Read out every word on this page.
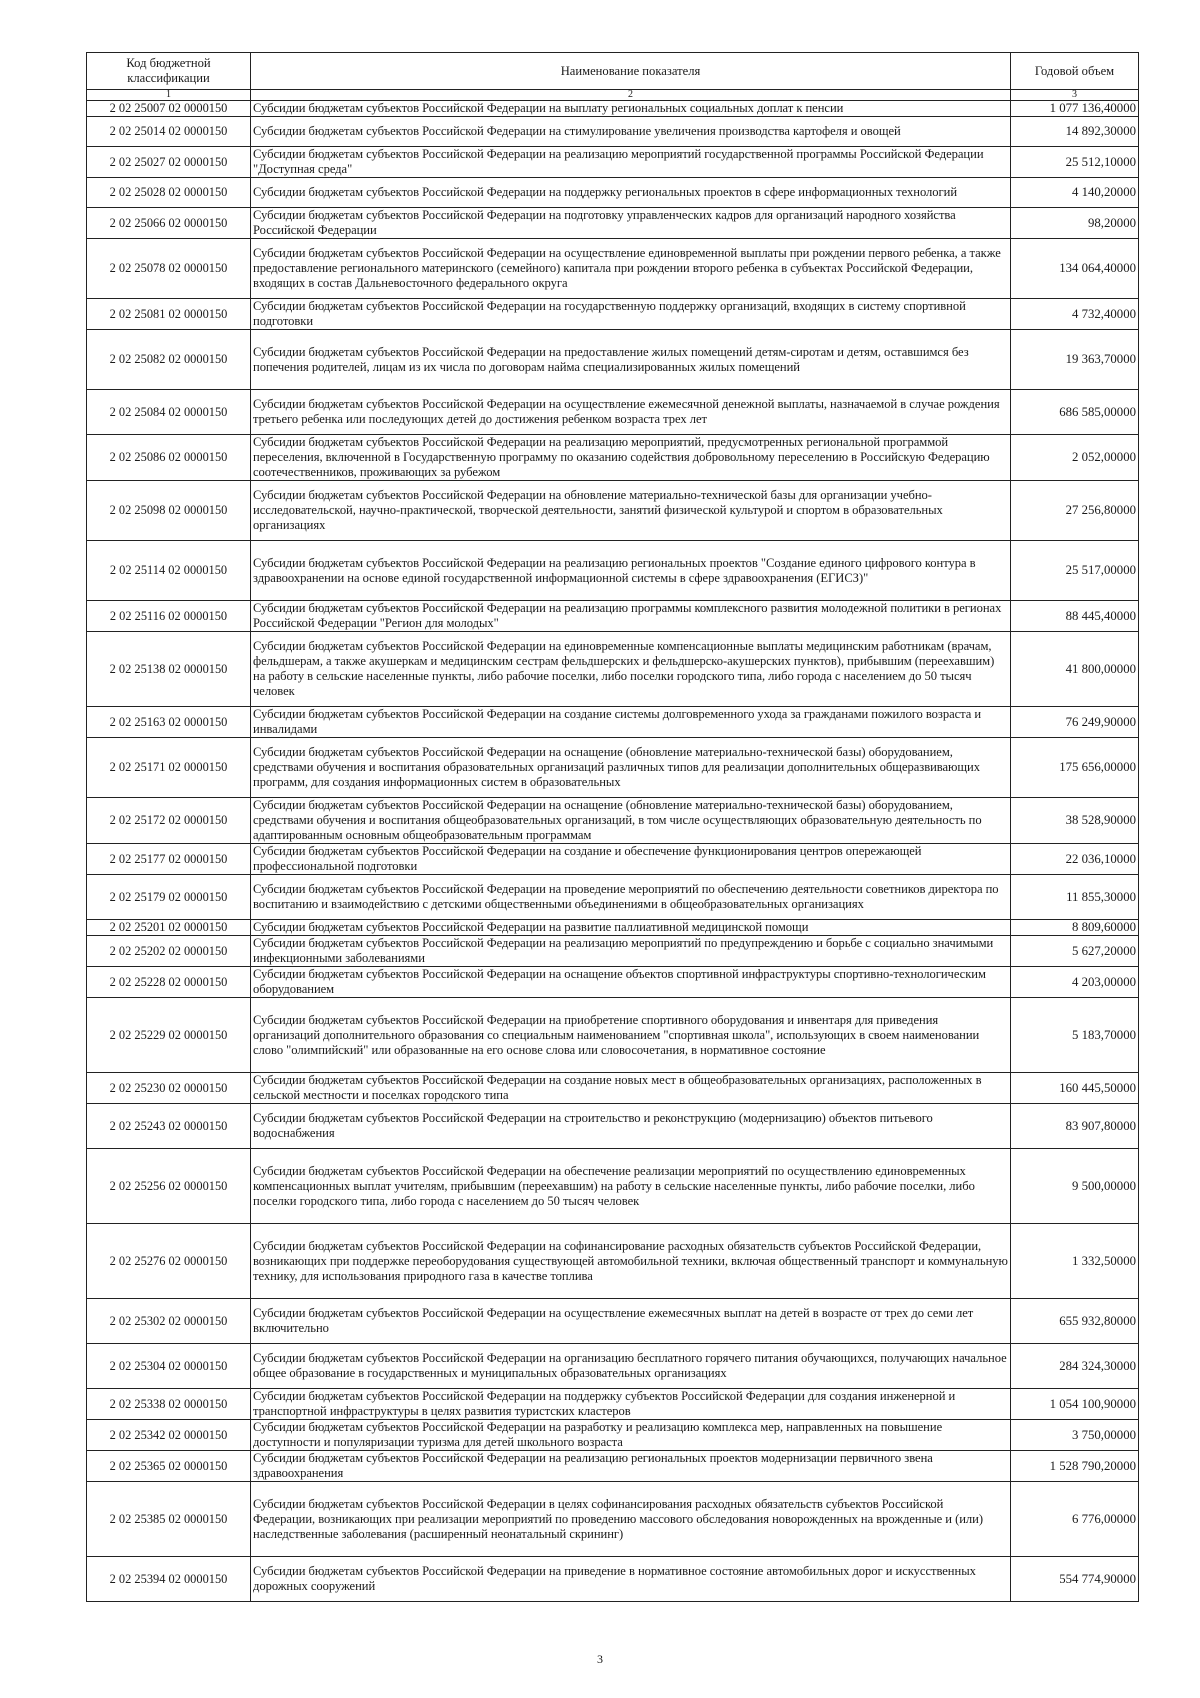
Код бюджетной классификации	Наименование показателя	Годовой объем
1	2	3
2 02 25007 02 0000150	Субсидии бюджетам субъектов Российской Федерации на выплату региональных социальных доплат к пенсии	1 077 136,40000
2 02 25014 02 0000150	Субсидии бюджетам субъектов Российской Федерации на стимулирование увеличения производства картофеля и овощей	14 892,30000
2 02 25027 02 0000150	Субсидии бюджетам субъектов Российской Федерации на реализацию мероприятий государственной программы Российской Федерации "Доступная среда"	25 512,10000
2 02 25028 02 0000150	Субсидии бюджетам субъектов Российской Федерации на поддержку региональных проектов в сфере информационных технологий	4 140,20000
2 02 25066 02 0000150	Субсидии бюджетам субъектов Российской Федерации на подготовку управленческих кадров для организаций народного хозяйства Российской Федерации	98,20000
2 02 25078 02 0000150	Субсидии бюджетам субъектов Российской Федерации на осуществление единовременной выплаты при рождении первого ребенка, а также предоставление регионального материнского (семейного) капитала при рождении второго ребенка в субъектах Российской Федерации, входящих в состав Дальневосточного федерального округа	134 064,40000
2 02 25081 02 0000150	Субсидии бюджетам субъектов Российской Федерации на государственную поддержку организаций, входящих в систему спортивной подготовки	4 732,40000
2 02 25082 02 0000150	Субсидии бюджетам субъектов Российской Федерации на предоставление жилых помещений детям-сиротам и детям, оставшимся без попечения родителей, лицам из их числа по договорам найма специализированных жилых помещений	19 363,70000
2 02 25084 02 0000150	Субсидии бюджетам субъектов Российской Федерации на осуществление ежемесячной денежной выплаты, назначаемой в случае рождения третьего ребенка или последующих детей до достижения ребенком возраста трех лет	686 585,00000
2 02 25086 02 0000150	Субсидии бюджетам субъектов Российской Федерации на реализацию мероприятий, предусмотренных региональной программой переселения, включенной в Государственную программу по оказанию содействия добровольному переселению в Российскую Федерацию соотечественников, проживающих за рубежом	2 052,00000
2 02 25098 02 0000150	Субсидии бюджетам субъектов Российской Федерации на обновление материально-технической базы для организации учебно-исследовательской, научно-практической, творческой деятельности, занятий физической культурой и спортом в образовательных организациях	27 256,80000
2 02 25114 02 0000150	Субсидии бюджетам субъектов Российской Федерации на реализацию региональных проектов "Создание единого цифрового контура в здравоохранении на основе единой государственной информационной системы в сфере здравоохранения (ЕГИСЗ)"	25 517,00000
2 02 25116 02 0000150	Субсидии бюджетам субъектов Российской Федерации на реализацию программы комплексного развития молодежной политики в регионах Российской Федерации "Регион для молодых"	88 445,40000
2 02 25138 02 0000150	Субсидии бюджетам субъектов Российской Федерации на единовременные компенсационные выплаты медицинским работникам (врачам, фельдшерам, а также акушеркам и медицинским сестрам фельдшерских и фельдшерско-акушерских пунктов), прибывшим (переехавшим) на работу в сельские населенные пункты, либо рабочие поселки, либо поселки городского типа, либо города с населением до 50 тысяч человек	41 800,00000
2 02 25163 02 0000150	Субсидии бюджетам субъектов Российской Федерации на создание системы долговременного ухода за гражданами пожилого возраста и инвалидами	76 249,90000
2 02 25171 02 0000150	Субсидии бюджетам субъектов Российской Федерации на оснащение (обновление материально-технической базы) оборудованием, средствами обучения и воспитания образовательных организаций различных типов для реализации дополнительных общеразвивающих программ, для создания информационных систем в образовательных	175 656,00000
2 02 25172 02 0000150	Субсидии бюджетам субъектов Российской Федерации на оснащение (обновление материально-технической базы) оборудованием, средствами обучения и воспитания общеобразовательных организаций, в том числе осуществляющих образовательную деятельность по адаптированным основным общеобразовательным программам	38 528,90000
2 02 25177 02 0000150	Субсидии бюджетам субъектов Российской Федерации на создание и обеспечение функционирования центров опережающей профессиональной подготовки	22 036,10000
2 02 25179 02 0000150	Субсидии бюджетам субъектов Российской Федерации на проведение мероприятий по обеспечению деятельности советников директора по воспитанию и взаимодействию с детскими общественными объединениями в общеобразовательных организациях	11 855,30000
2 02 25201 02 0000150	Субсидии бюджетам субъектов Российской Федерации на развитие паллиативной медицинской помощи	8 809,60000
2 02 25202 02 0000150	Субсидии бюджетам субъектов Российской Федерации на реализацию мероприятий по предупреждению и борьбе с социально значимыми инфекционными заболеваниями	5 627,20000
2 02 25228 02 0000150	Субсидии бюджетам субъектов Российской Федерации на оснащение объектов спортивной инфраструктуры спортивно-технологическим оборудованием	4 203,00000
2 02 25229 02 0000150	Субсидии бюджетам субъектов Российской Федерации на приобретение спортивного оборудования и инвентаря для приведения организаций дополнительного образования со специальным наименованием "спортивная школа", использующих в своем наименовании слово "олимпийский" или образованные на его основе слова или словосочетания, в нормативное состояние	5 183,70000
2 02 25230 02 0000150	Субсидии бюджетам субъектов Российской Федерации на создание новых мест в общеобразовательных организациях, расположенных в сельской местности и поселках городского типа	160 445,50000
2 02 25243 02 0000150	Субсидии бюджетам субъектов Российской Федерации на строительство и реконструкцию (модернизацию) объектов питьевого водоснабжения	83 907,80000
2 02 25256 02 0000150	Субсидии бюджетам субъектов Российской Федерации на обеспечение реализации мероприятий по осуществлению единовременных компенсационных выплат учителям, прибывшим (переехавшим) на работу в сельские населенные пункты, либо рабочие поселки, либо поселки городского типа, либо города с населением до 50 тысяч человек	9 500,00000
2 02 25276 02 0000150	Субсидии бюджетам субъектов Российской Федерации на софинансирование расходных обязательств субъектов Российской Федерации, возникающих при поддержке переоборудования существующей автомобильной техники, включая общественный транспорт и коммунальную технику, для использования природного газа в качестве топлива	1 332,50000
2 02 25302 02 0000150	Субсидии бюджетам субъектов Российской Федерации на осуществление ежемесячных выплат на детей в возрасте от трех до семи лет включительно	655 932,80000
2 02 25304 02 0000150	Субсидии бюджетам субъектов Российской Федерации на организацию бесплатного горячего питания обучающихся, получающих начальное общее образование в государственных и муниципальных образовательных организациях	284 324,30000
2 02 25338 02 0000150	Субсидии бюджетам субъектов Российской Федерации на поддержку субъектов Российской Федерации для создания инженерной и транспортной инфраструктуры в целях развития туристских кластеров	1 054 100,90000
2 02 25342 02 0000150	Субсидии бюджетам субъектов Российской Федерации на разработку и реализацию комплекса мер, направленных на повышение доступности и популяризации туризма для детей школьного возраста	3 750,00000
2 02 25365 02 0000150	Субсидии бюджетам субъектов Российской Федерации на реализацию региональных проектов модернизации первичного звена здравоохранения	1 528 790,20000
2 02 25385 02 0000150	Субсидии бюджетам субъектов Российской Федерации в целях софинансирования расходных обязательств субъектов Российской Федерации, возникающих при реализации мероприятий по проведению массового обследования новорожденных на врожденные и (или) наследственные заболевания (расширенный неонатальный скрининг)	6 776,00000
2 02 25394 02 0000150	Субсидии бюджетам субъектов Российской Федерации на приведение в нормативное состояние автомобильных дорог и искусственных дорожных сооружений	554 774,90000
3
